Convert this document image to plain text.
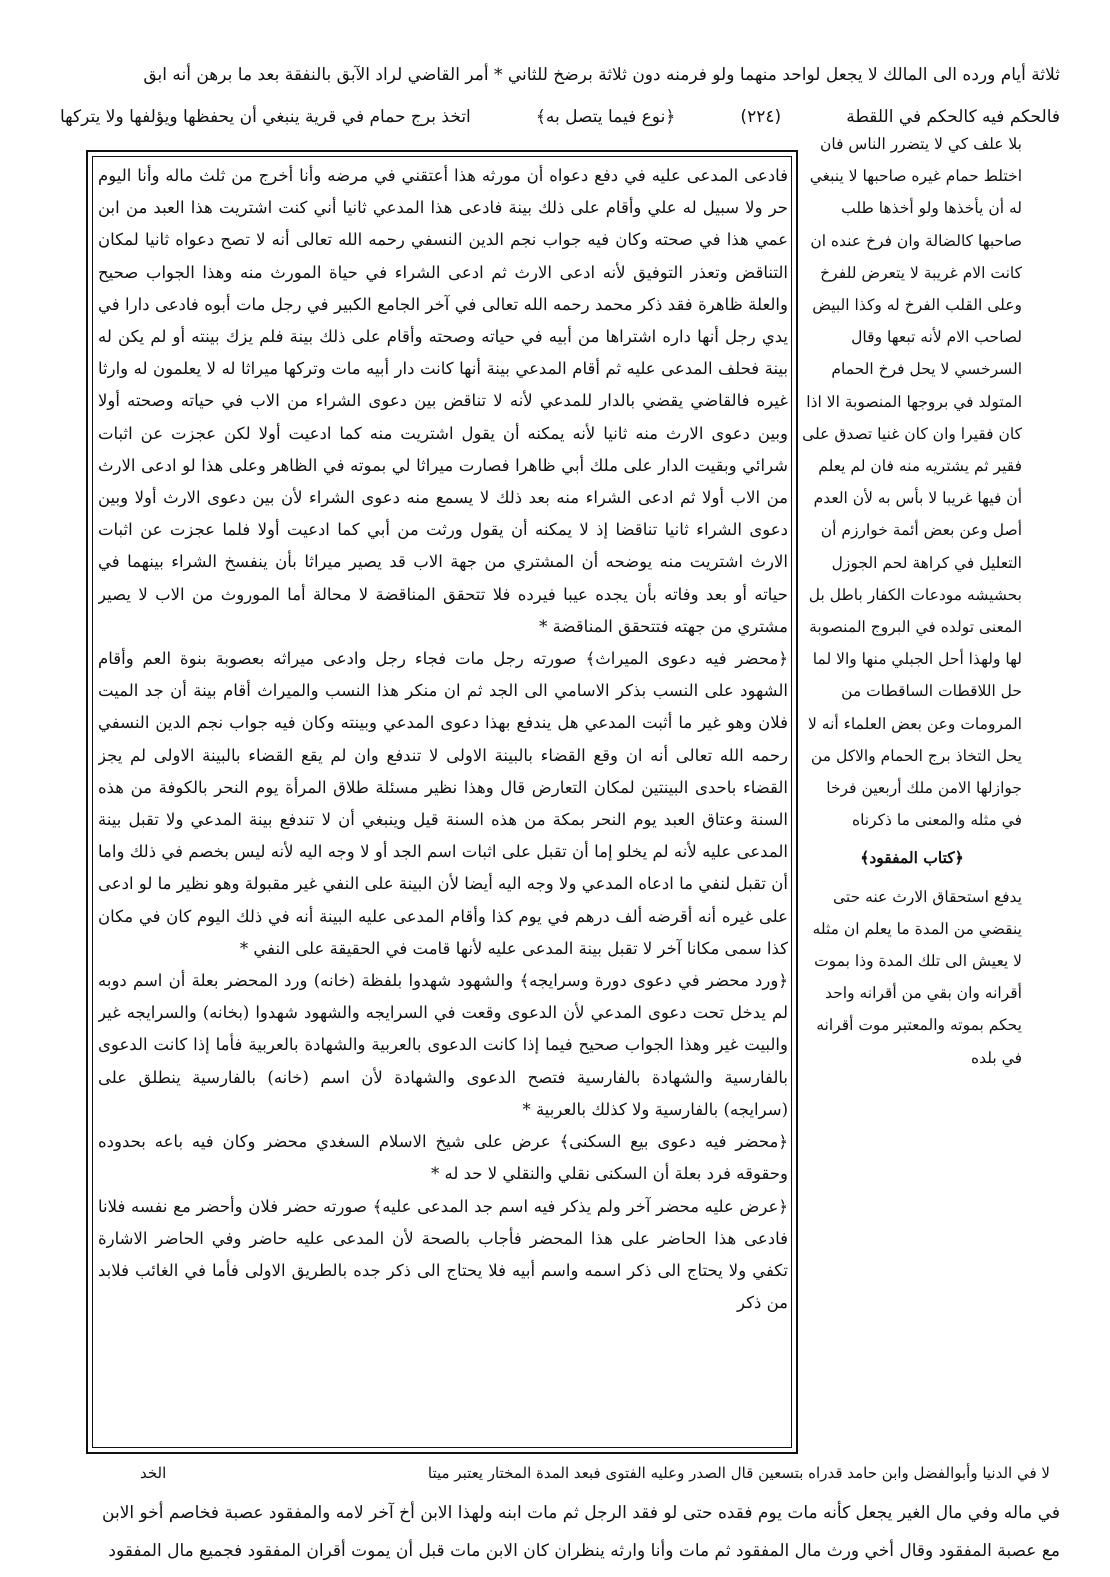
ثلاثة أيام ورده الى المالك لا يجعل لواحد منهما ولو فرمنه دون ثلاثة برضخ للثاني * أمر القاضي لراد الآبق بالنفقة بعد ما برهن أنه ابق
اتخذ برج حمام في قرية ينبغي أن يحفظها ويؤلفها ولا يتركها	﴿نوع فيما يتصل به﴾	(٢٢٤)	فالحكم فيه كالحكم في اللقطة

فادعى المدعى عليه في دفع دعواه أن مورثه هذا أعتقني في مرضه وأنا أخرج من ثلث ماله وأنا اليوم حر ولا سبيل له علي وأقام على ذلك بينة فادعى هذا المدعي ثانيا أني كنت اشتريت هذا العبد من ابن عمي هذا في صحته وكان فيه جواب نجم الدين النسفي رحمه الله تعالى أنه لا تصح دعواه ثانيا لمكان التناقض وتعذر التوفيق لأنه ادعى الارث ثم ادعى الشراء في حياة المورث منه وهذا الجواب صحيح والعلة ظاهرة فقد ذكر محمد رحمه الله تعالى في آخر الجامع الكبير في رجل مات أبوه فادعى دارا في يدي رجل أنها داره اشتراها من أبيه في حياته وصحته وأقام على ذلك بينة فلم يزك بينته أو لم يكن له بينة فحلف المدعى عليه ثم أقام المدعي بينة أنها كانت دار أبيه مات وتركها ميراثا له لا يعلمون له وارثا غيره فالقاضي يقضي بالدار للمدعي لأنه لا تناقض بين دعوى الشراء من الاب في حياته وصحته أولا وبين دعوى الارث منه ثانيا لأنه يمكنه أن يقول اشتريت منه كما ادعيت أولا لكن عجزت عن اثبات شرائي وبقيت الدار على ملك أبي ظاهرا فصارت ميراثا لي بموته في الظاهر وعلى هذا لو ادعى الارث من الاب أولا ثم ادعى الشراء منه بعد ذلك لا يسمع منه دعوى الشراء لأن بين دعوى الارث أولا وبين دعوى الشراء ثانيا تناقضا إذ لا يمكنه أن يقول ورثت من أبي كما ادعيت أولا فلما عجزت عن اثبات الارث اشتريت منه يوضحه أن المشتري من جهة الاب قد يصير ميراثا بأن ينفسخ الشراء بينهما في حياته أو بعد وفاته بأن يجده عيبا فيرده فلا تتحقق المناقضة لا محالة أما الموروث من الاب لا يصير مشتري من جهته فتتحقق المناقضة *

﴿محضر فيه دعوى الميراث﴾ صورته رجل مات فجاء رجل وادعى ميراثه بعصوبة بنوة العم وأقام الشهود على النسب بذكر الاسامي الى الجد ثم ان منكر هذا النسب والميراث أقام بينة أن جد الميت فلان وهو غير ما أثبت المدعي هل يندفع بهذا دعوى المدعي وبينته وكان فيه جواب نجم الدين النسفي رحمه الله تعالى أنه ان وقع القضاء بالبينة الاولى لا تندفع وان لم يقع القضاء بالبينة الاولى لم يجز القضاء باحدى البينتين لمكان التعارض قال وهذا نظير مسئلة طلاق المرأة يوم النحر بالكوفة من هذه السنة وعتاق العبد يوم النحر بمكة من هذه السنة قيل وينبغي أن لا تندفع بينة المدعي ولا تقبل بينة المدعى عليه لأنه لم يخلو إما أن تقبل على اثبات اسم الجد أو لا وجه اليه لأنه ليس بخصم في ذلك واما أن تقبل لنفي ما ادعاه المدعي ولا وجه اليه أيضا لأن البينة على النفي غير مقبولة وهو نظير ما لو ادعى على غيره أنه أقرضه ألف درهم في يوم كذا وأقام المدعى عليه البينة أنه في ذلك اليوم كان في مكان كذا سمى مكانا آخر لا تقبل بينة المدعى عليه لأنها قامت في الحقيقة على النفي *

﴿ورد محضر في دعوى دورة وسرايجه﴾ والشهود شهدوا بلفظة (خانه) ورد المحضر بعلة أن اسم دوبه لم يدخل تحت دعوى المدعي لأن الدعوى وقعت في السرايجه والشهود شهدوا (بخانه) والسرايجه غير والبيت غير وهذا الجواب صحيح فيما إذا كانت الدعوى بالعربية والشهادة بالعربية فأما إذا كانت الدعوى بالفارسية والشهادة بالفارسية فتصح الدعوى والشهادة لأن اسم (خانه) بالفارسية ينطلق على (سرايجه) بالفارسية ولا كذلك بالعربية *

﴿محضر فيه دعوى بيع السكنى﴾ عرض على شيخ الاسلام السغدي محضر وكان فيه باعه بحدوده وحقوقه فرد بعلة أن السكنى نقلي والنقلي لا حد له *

﴿عرض عليه محضر آخر ولم يذكر فيه اسم جد المدعى عليه﴾ صورته حضر فلان وأحضر مع نفسه فلانا فادعى هذا الحاضر على هذا المحضر فأجاب بالصحة لأن المدعى عليه حاضر وفي الحاضر الاشارة تكفي ولا يحتاج الى ذكر اسمه واسم أبيه فلا يحتاج الى ذكر جده بالطريق الاولى فأما في الغائب فلابد من ذكر

بلا علف كي لا يتضرر الناس فان اختلط حمام غيره صاحبها لا ينبغي له أن يأخذها ولو أخذها طلب صاحبها كالضالة وان فرخ عنده ان كانت الام غريبة لا يتعرض للفرخ وعلى القلب الفرخ له وكذا البيض لصاحب الام لأنه تبعها وقال السرخسي لا يحل فرخ الحمام المتولد في بروجها المنصوبة الا اذا كان فقيرا وان كان غنيا تصدق على فقير ثم يشتريه منه فان لم يعلم أن فيها غريبا لا بأس به لأن العدم أصل وعن بعض أئمة خوارزم أن التعليل في كراهة لحم الجوزل بحشيشه مودعات الكفار باطل بل المعنى تولده في البروج المنصوبة لها ولهذا أحل الجبلي منها والا لما حل اللاقطات الساقطات من المرومات وعن بعض العلماء أنه لا يحل التخاذ برج الحمام والاكل من جوازلها الامن ملك أربعين فرخا في مثله والمعنى ما ذكرناه

﴿كتاب المفقود﴾

يدفع استحقاق الارث عنه حتى ينقضي من المدة ما يعلم ان مثله لا يعيش الى تلك المدة وذا بموت أقرانه وان بقي من أقرانه واحد يحكم بموته والمعتبر موت أقرانه في بلده

الخد	لا في الدنيا وأبوالفضل وابن حامد قدراه بتسعين قال الصدر وعليه الفتوى فبعد المدة المختار يعتبر ميتا
في ماله وفي مال الغير يجعل كأنه مات يوم فقده حتى لو فقد الرجل ثم مات ابنه ولهذا الابن أخ آخر لامه والمفقود عصبة فخاصم أخو الابن
مع عصبة المفقود وقال أخي ورث مال المفقود ثم مات وأنا وارثه ينظران كان الابن مات قبل أن يموت أقران المفقود فجميع مال المفقود
